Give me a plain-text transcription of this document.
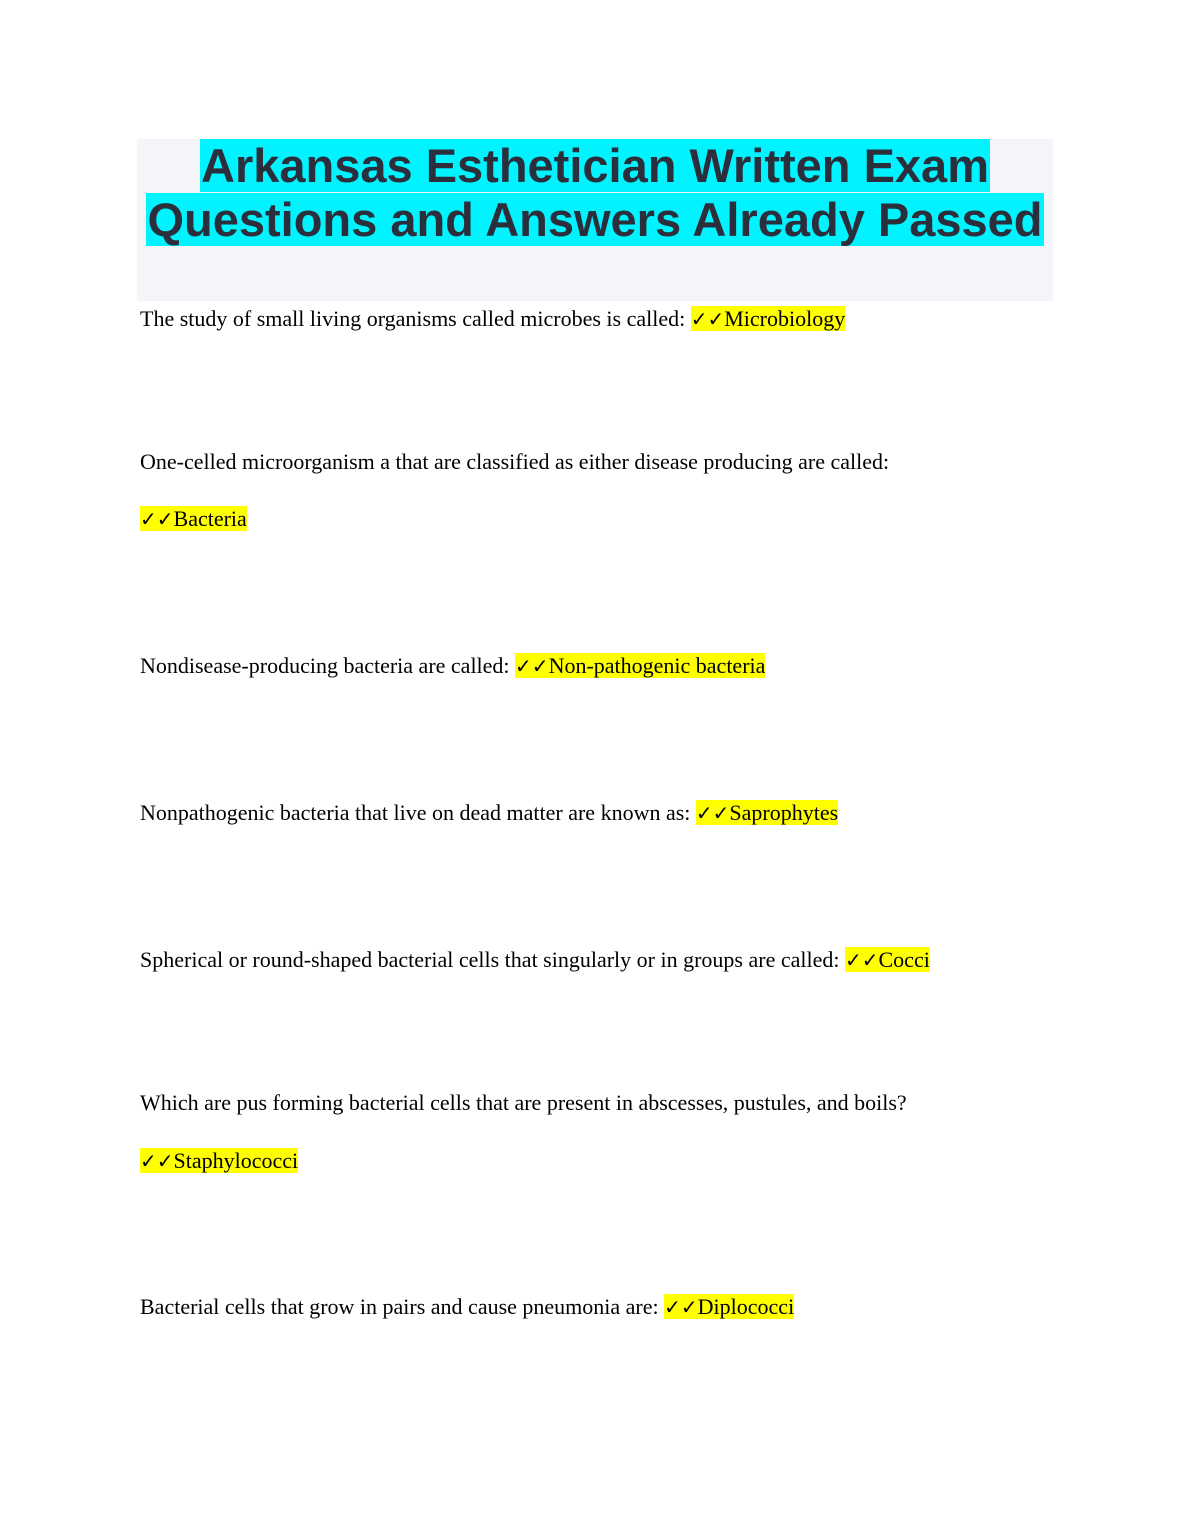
Arkansas Esthetician Written Exam
Questions and Answers Already Passed
The study of small living organisms called microbes is called: ✓✓Microbiology
One-celled microorganism a that are classified as either disease producing are called:
✓✓Bacteria
Nondisease-producing bacteria are called: ✓✓Non-pathogenic bacteria
Nonpathogenic bacteria that live on dead matter are known as: ✓✓Saprophytes
Spherical or round-shaped bacterial cells that singularly or in groups are called: ✓✓Cocci
Which are pus forming bacterial cells that are present in abscesses, pustules, and boils?
✓✓Staphylococci
Bacterial cells that grow in pairs and cause pneumonia are: ✓✓Diplococci
